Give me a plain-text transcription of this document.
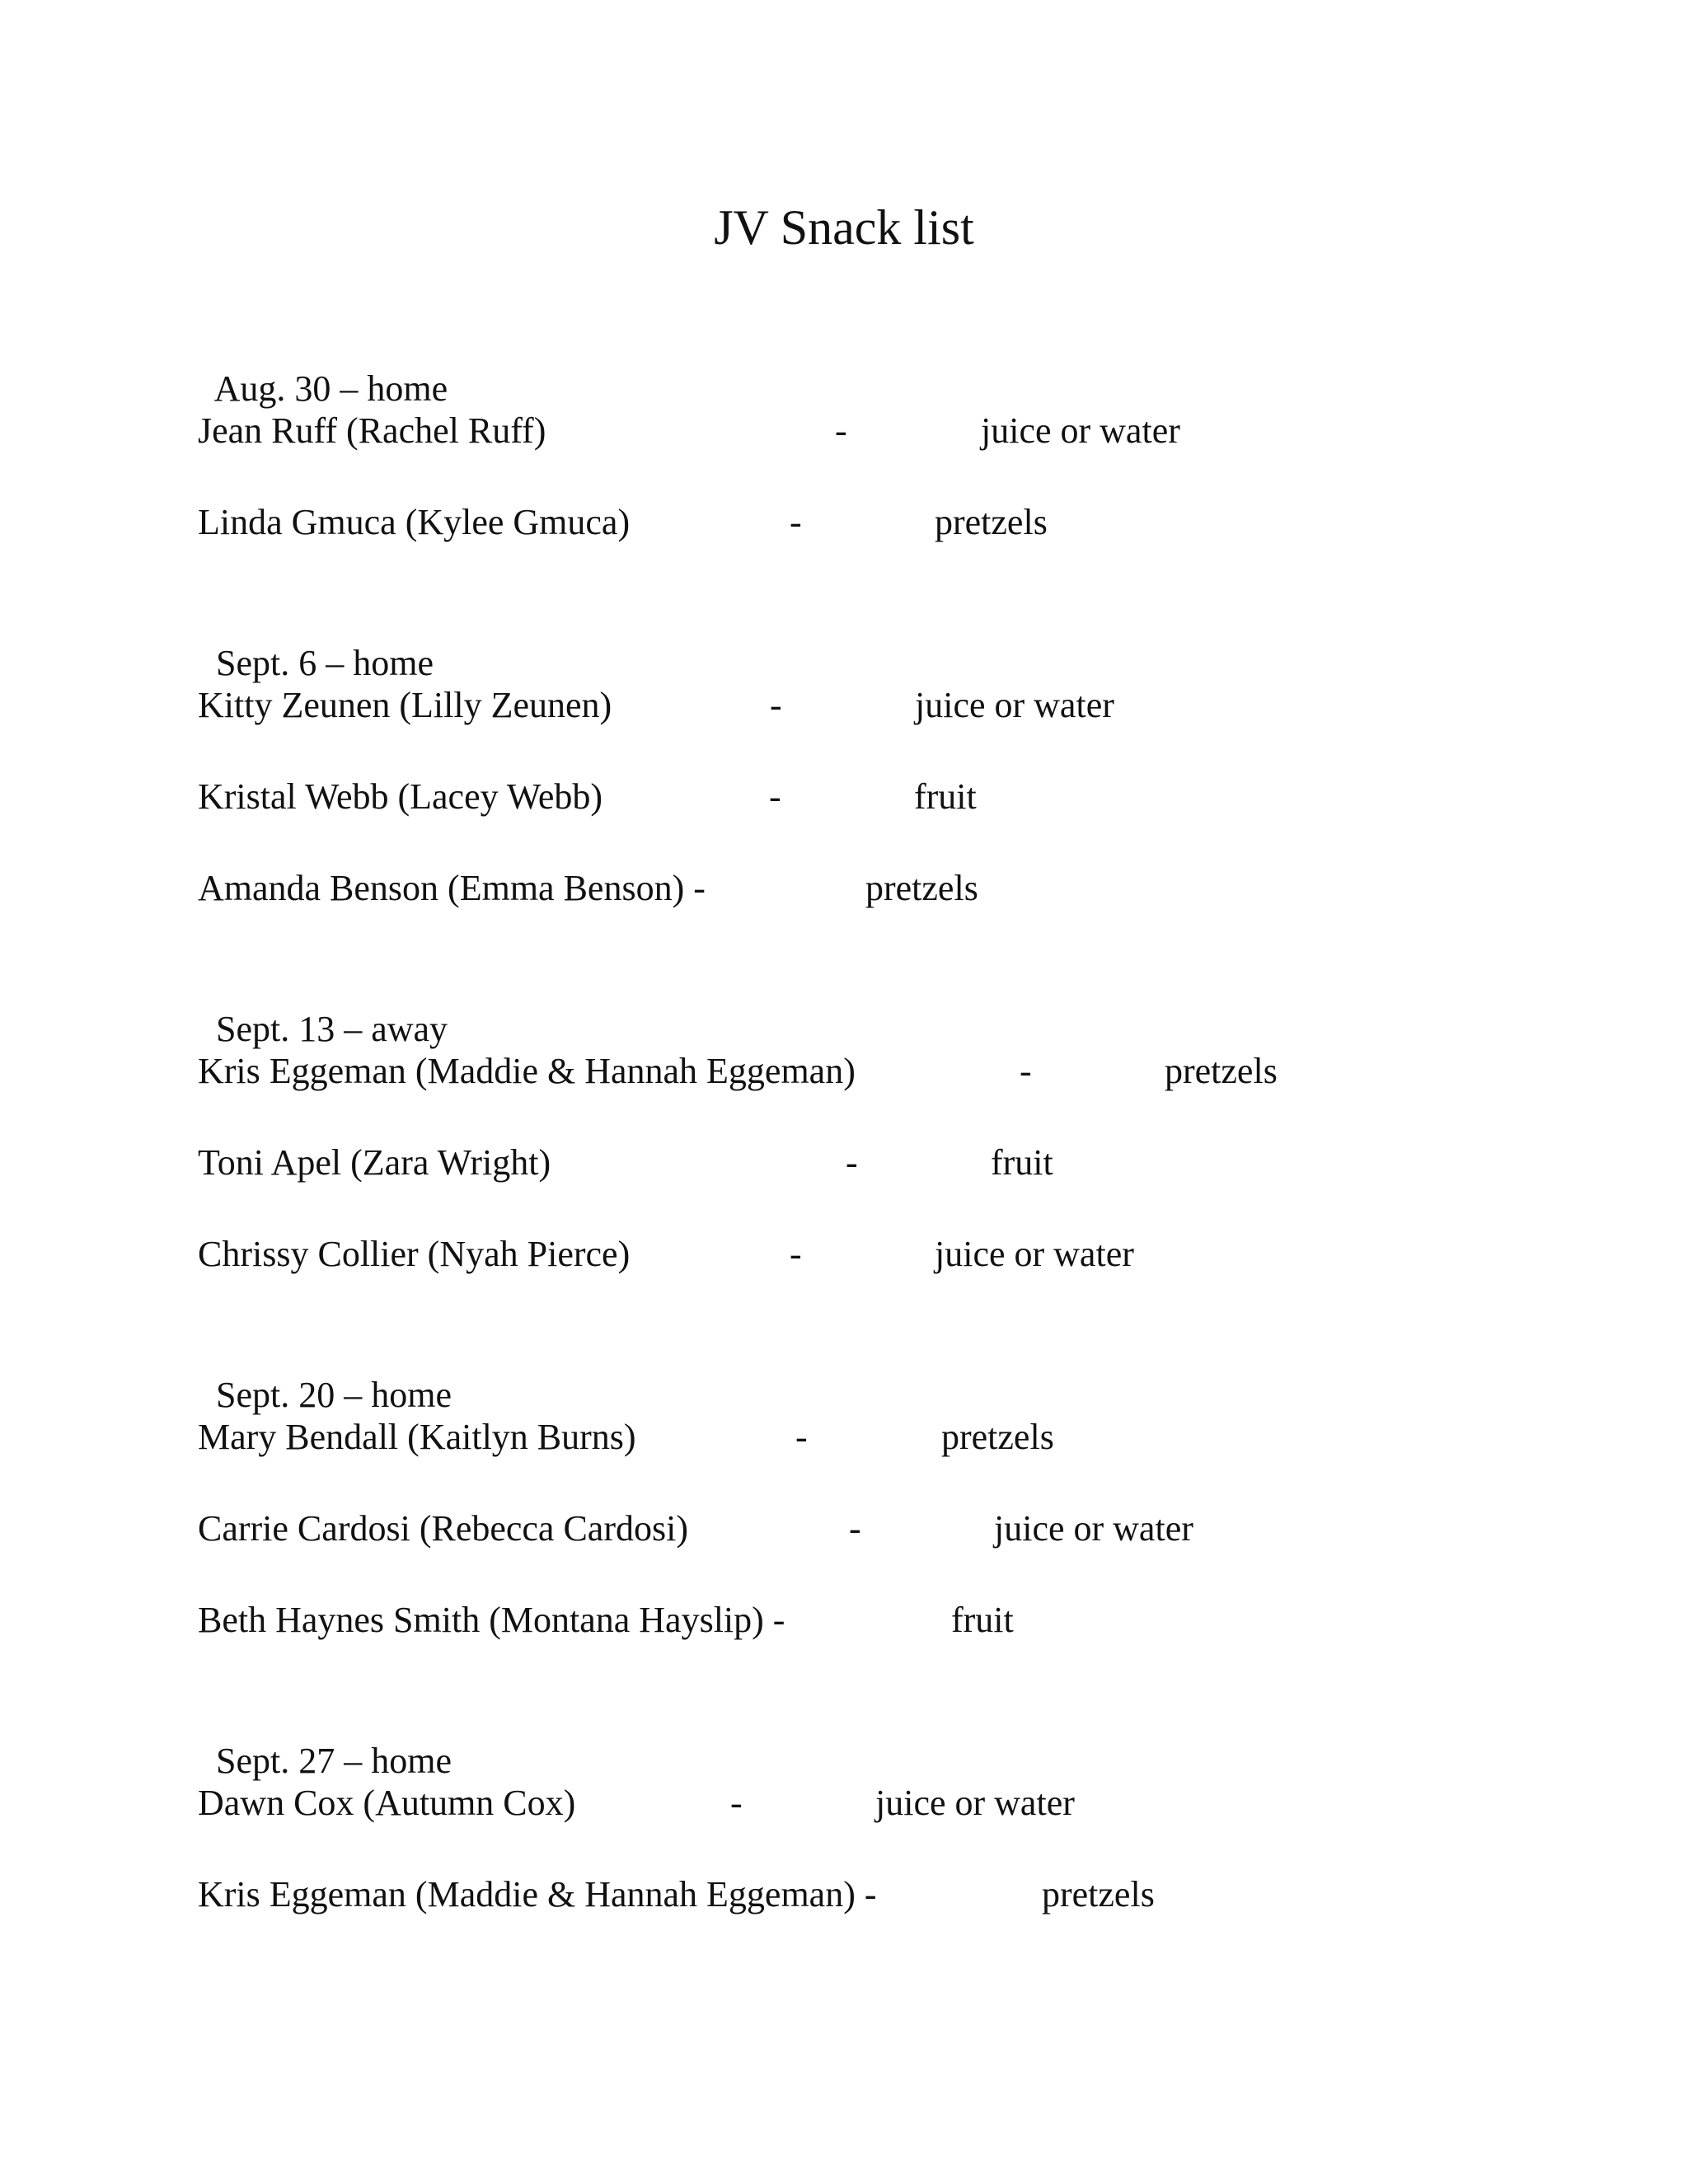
JV Snack list

Aug. 30 – home

Jean Ruff (Rachel Ruff)

	-

	juice or water

Linda Gmuca (Kylee Gmuca)

	-

	pretzels

Sept. 6 – home

Kitty Zeunen (Lilly Zeunen)

	-

	juice or water

Kristal Webb (Lacey Webb)

	-

	fruit

Amanda Benson (Emma Benson) -

	pretzels

Sept. 13 – away

Kris Eggeman (Maddie & Hannah Eggeman)

	-

	pretzels

Toni Apel (Zara Wright)

	-

	fruit

Chrissy Collier (Nyah Pierce)

	-

	juice or water

Sept. 20 – home

Mary Bendall (Kaitlyn Burns)

	-

	pretzels

Carrie Cardosi (Rebecca Cardosi)

	-

	juice or water

Beth Haynes Smith (Montana Hayslip) -

	fruit

Sept. 27 – home

Dawn Cox (Autumn Cox)

	-

	juice or water

Kris Eggeman (Maddie & Hannah Eggeman) -

	pretzels
